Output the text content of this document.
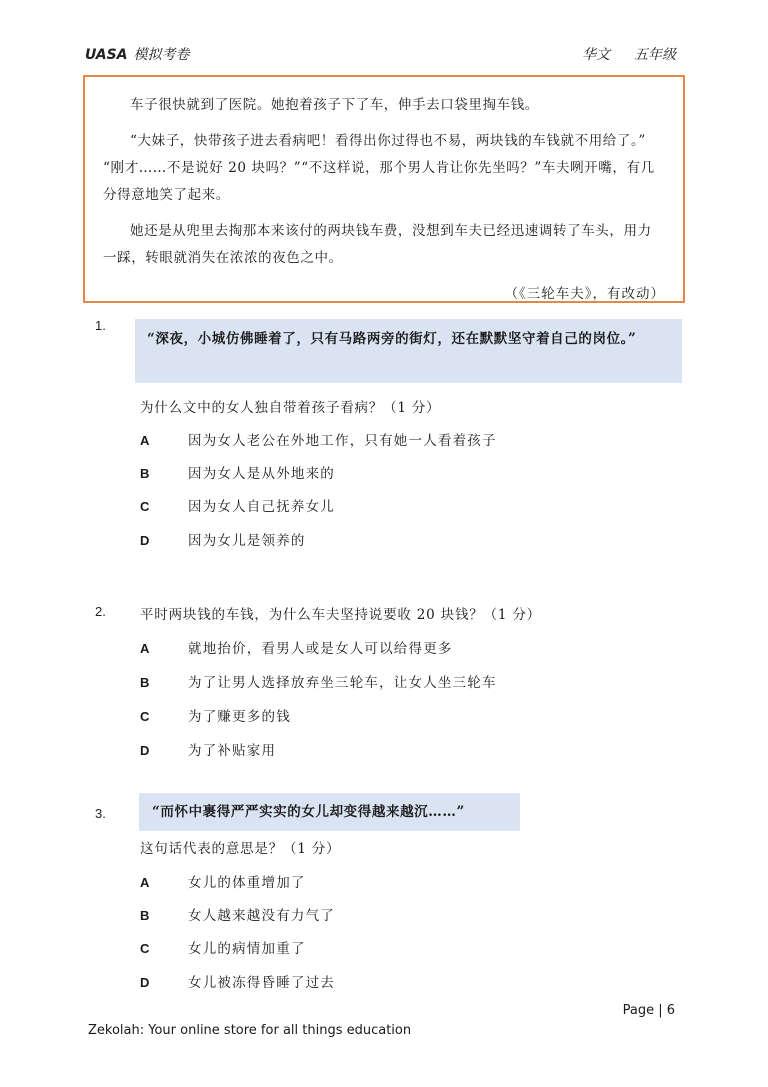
UASA 模拟考卷	华文 五年级

车子很快就到了医院。她抱着孩子下了车，伸手去口袋里掏车钱。

“大妹子，快带孩子进去看病吧！看得出你过得也不易，两块钱的车钱就不用给了。” “刚才……不是说好 20 块吗？”“不这样说，那个男人肯让你先坐吗？”车夫咧开嘴，有几分得意地笑了起来。

她还是从兜里去掏那本来该付的两块钱车费，没想到车夫已经迅速调转了车头，用力一踩，转眼就消失在浓浓的夜色之中。

（《三轮车夫》，有改动）
1.
“深夜，小城仿佛睡着了，只有马路两旁的街灯，还在默默坚守着自己的岗位。”
为什么文中的女人独自带着孩子看病？（1 分）
A	因为女人老公在外地工作，只有她一人看着孩子
B	因为女人是从外地来的
C	因为女人自己抚养女儿
D	因为女儿是领养的
2.	平时两块钱的车钱，为什么车夫坚持说要收 20 块钱？（1 分）
A	就地抬价，看男人或是女人可以给得更多
B	为了让男人选择放弃坐三轮车，让女人坐三轮车
C	为了赚更多的钱
D	为了补贴家用
3.	“而怀中裹得严严实实的女儿却变得越来越沉……”
这句话代表的意思是？（1 分）
A	女儿的体重增加了
B	女人越来越没有力气了
C	女儿的病情加重了
D	女儿被冻得昏睡了过去
Page | 6
Zekolah: Your online store for all things education
